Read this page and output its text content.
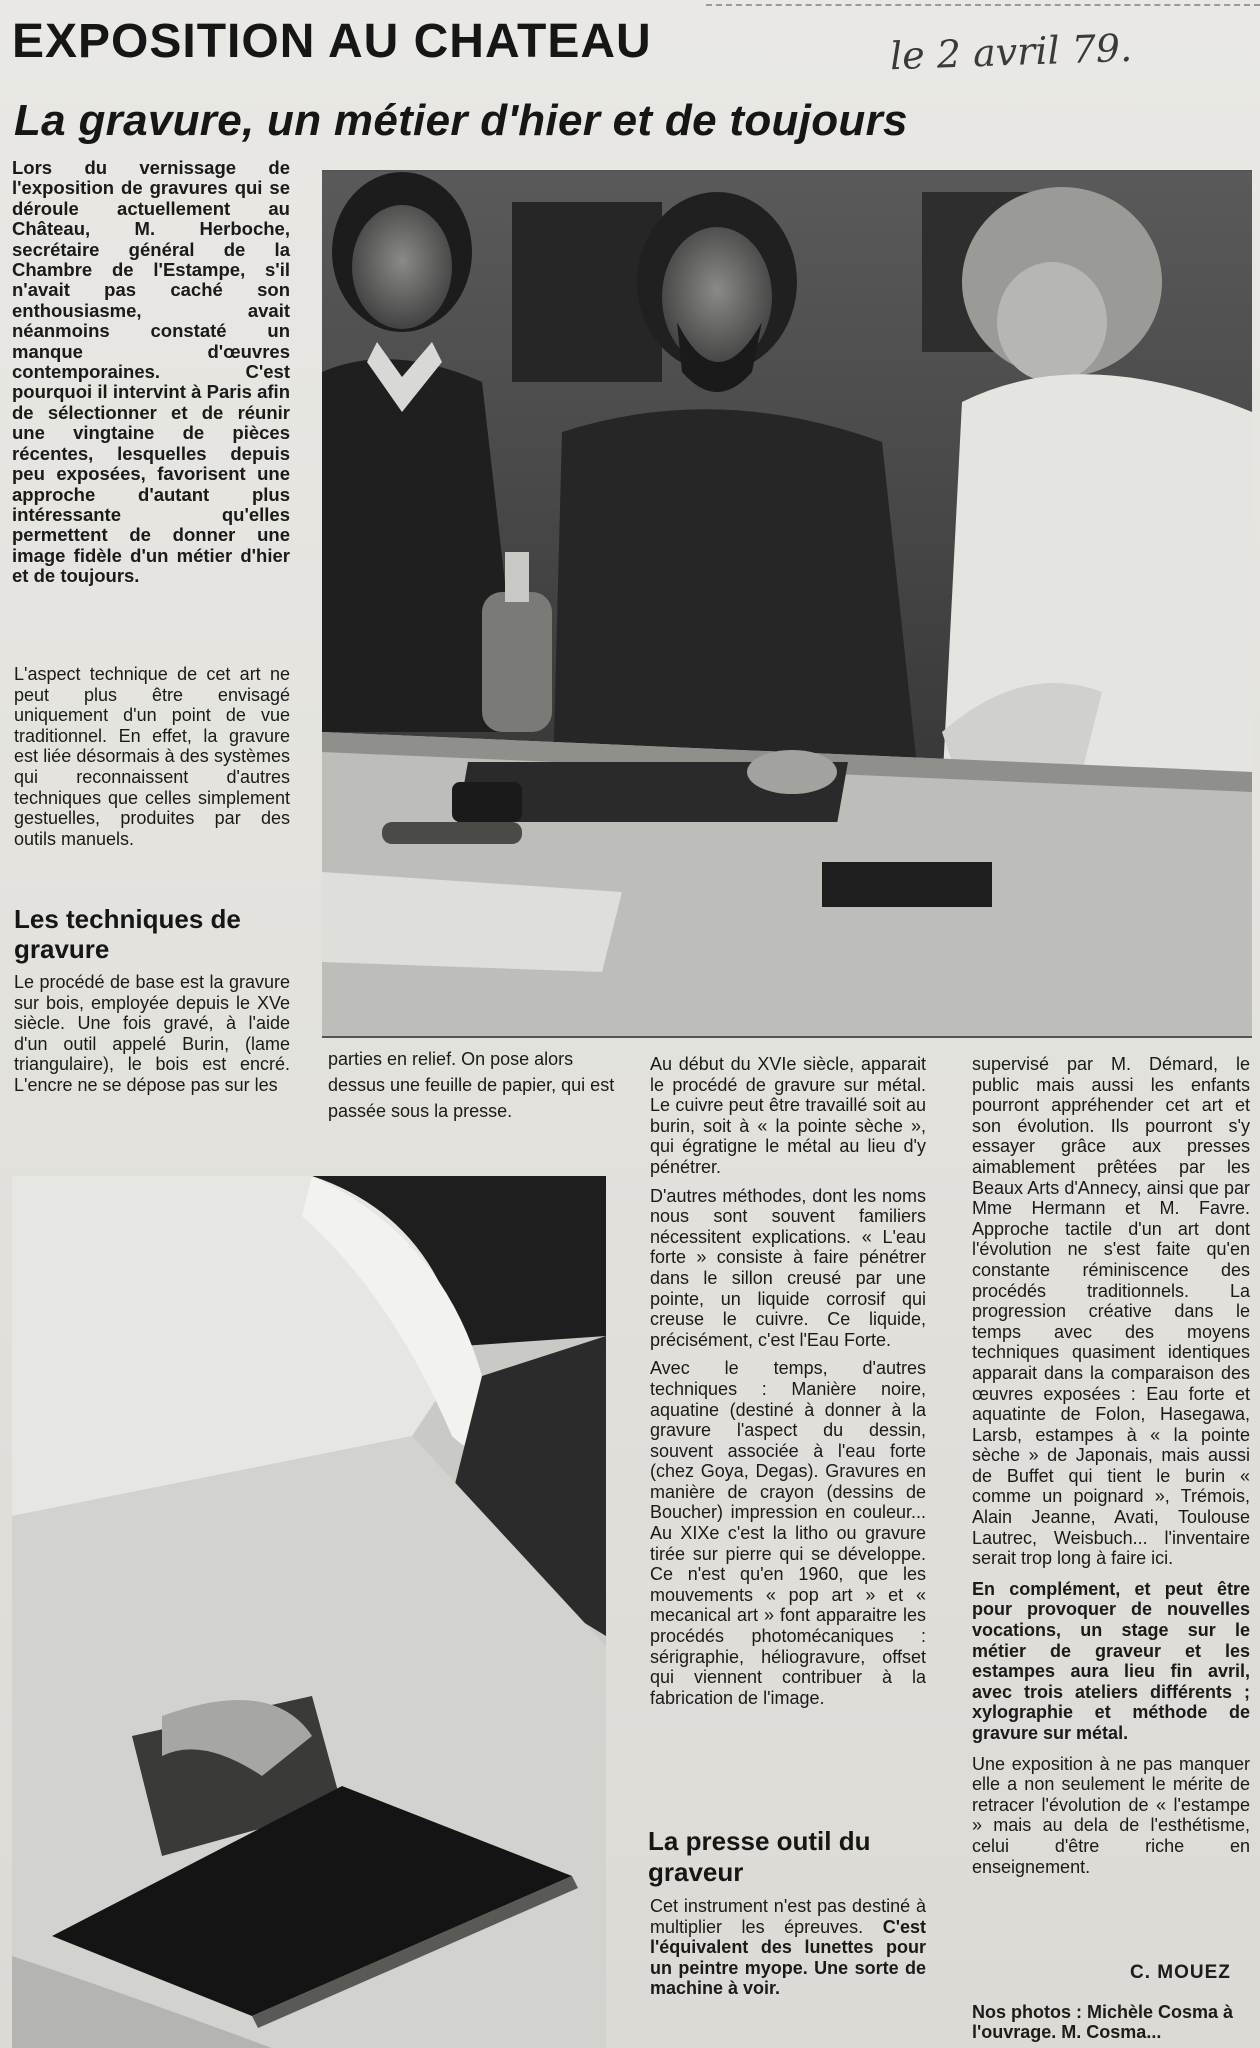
EXPOSITION AU CHATEAU	le 2 avril 79.
La gravure, un métier d'hier et de toujours
Lors du vernissage de l'exposition de gravures qui se déroule actuellement au Château, M. Herboche, secrétaire général de la Chambre de l'Estampe, s'il n'avait pas caché son enthousiasme, avait néanmoins constaté un manque d'œuvres contemporaines. C'est pourquoi il intervint à Paris afin de sélectionner et de réunir une vingtaine de pièces récentes, lesquelles depuis peu exposées, favorisent une approche d'autant plus intéressante qu'elles permettent de donner une image fidèle d'un métier d'hier et de toujours.
L'aspect technique de cet art ne peut plus être envisagé uniquement d'un point de vue traditionnel. En effet, la gravure est liée désormais à des systèmes qui reconnaissent d'autres techniques que celles simplement gestuelles, produites par des outils manuels.
Les techniques de gravure
Le procédé de base est la gravure sur bois, employée depuis le XVe siècle. Une fois gravé, à l'aide d'un outil appelé Burin, (lame triangulaire), le bois est encré. L'encre ne se dépose pas sur les
parties en relief. On pose alors dessus une feuille de papier, qui est passée sous la presse.

Au début du XVIe siècle, apparait le procédé de gravure sur métal. Le cuivre peut être travaillé soit au burin, soit à « la pointe sèche », qui égratigne le métal au lieu d'y pénétrer.

D'autres méthodes, dont les noms nous sont souvent familiers nécessitent explications. « L'eau forte » consiste à faire pénétrer dans le sillon creusé par une pointe, un liquide corrosif qui creuse le cuivre. Ce liquide, précisément, c'est l'Eau Forte.

Avec le temps, d'autres techniques : Manière noire, aquatine (destiné à donner à la gravure l'aspect du dessin, souvent associée à l'eau forte (chez Goya, Degas). Gravures en manière de crayon (dessins de Boucher) impression en couleur... Au XIXe c'est la litho ou gravure tirée sur pierre qui se développe. Ce n'est qu'en 1960, que les mouvements « pop art » et « mecanical art » font apparaitre les procédés photomécaniques : sérigraphie, héliogravure, offset qui viennent contribuer à la fabrication de l'image.

La presse outil du graveur
Cet instrument n'est pas destiné à multiplier les épreuves. C'est l'équivalent des lunettes pour un peintre myope. Une sorte de machine à voir.

supervisé par M. Démard, le public mais aussi les enfants pourront appréhender cet art et son évolution. Ils pourront s'y essayer grâce aux presses aimablement prêtées par les Beaux Arts d'Annecy, ainsi que par Mme Hermann et M. Favre. Approche tactile d'un art dont l'évolution ne s'est faite qu'en constante réminiscence des procédés traditionnels. La progression créative dans le temps avec des moyens techniques quasiment identiques apparait dans la comparaison des œuvres exposées : Eau forte et aquatinte de Folon, Hasegawa, Larsb, estampes à « la pointe sèche » de Japonais, mais aussi de Buffet qui tient le burin « comme un poignard », Trémois, Alain Jeanne, Avati, Toulouse Lautrec, Weisbuch... l'inventaire serait trop long à faire ici.

En complément, et peut être pour provoquer de nouvelles vocations, un stage sur le métier de graveur et les estampes aura lieu fin avril, avec trois ateliers différents ; xylographie et méthode de gravure sur métal.

Une exposition à ne pas manquer elle a non seulement le mérite de retracer l'évolution de « l'estampe » mais au dela de l'esthétisme, celui d'être riche en enseignement.

C. MOUEZ
Nos photos : Michèle Cosma à l'ouvrage. M. Cosma...
